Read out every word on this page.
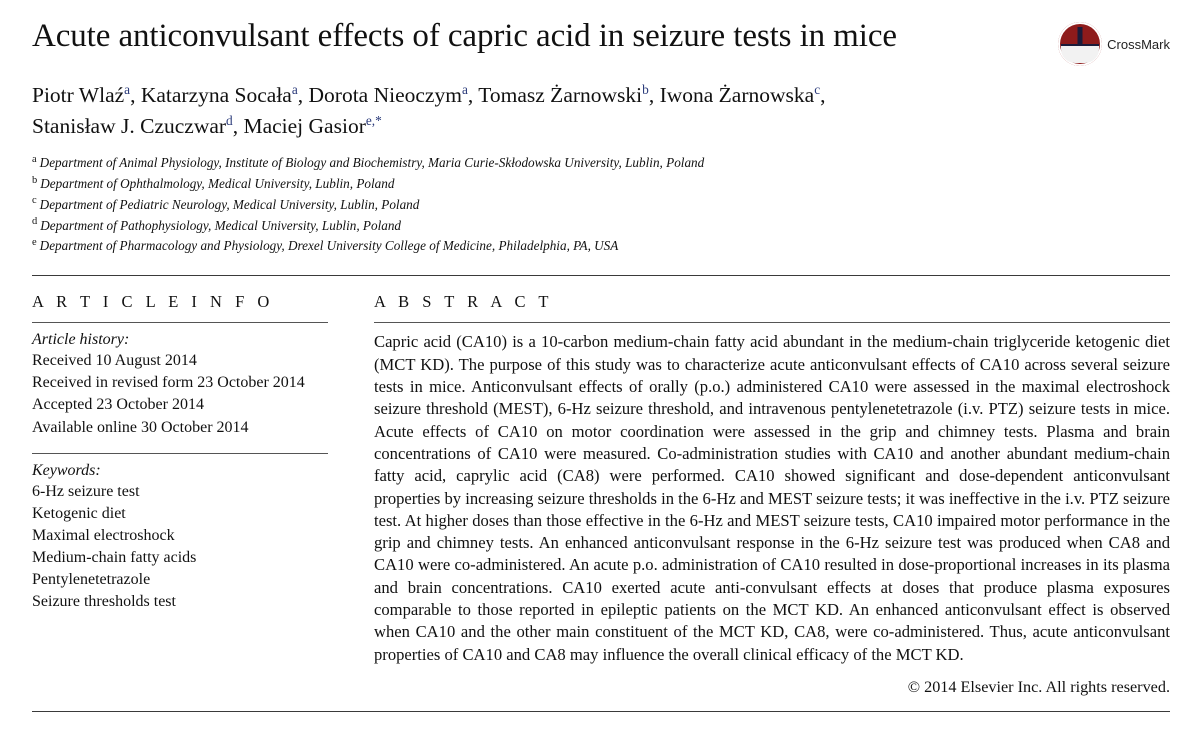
Acute anticonvulsant effects of capric acid in seizure tests in mice	CrossMark
Piotr Wlaź$^a$, Katarzyna Socała$^a$, Dorota Nieoczym$^a$, Tomasz Żarnowski$^b$, Iwona Żarnowska$^c$,
Stanisław J. Czuczwar$^d$, Maciej Gasior$^{e,*}$
$^a$ Department of Animal Physiology, Institute of Biology and Biochemistry, Maria Curie-Skłodowska University, Lublin, Poland
$^b$ Department of Ophthalmology, Medical University, Lublin, Poland
$^c$ Department of Pediatric Neurology, Medical University, Lublin, Poland
$^d$ Department of Pathophysiology, Medical University, Lublin, Poland
$^e$ Department of Pharmacology and Physiology, Drexel University College of Medicine, Philadelphia, PA, USA
A R T I C L E I N F O
Article history:
Received 10 August 2014
Received in revised form 23 October 2014
Accepted 23 October 2014
Available online 30 October 2014
Keywords:
6-Hz seizure test
Ketogenic diet
Maximal electroshock
Medium-chain fatty acids
Pentylenetetrazole
Seizure thresholds test
A B S T R A C T
Capric acid (CA10) is a 10-carbon medium-chain fatty acid abundant in the medium-chain triglyceride ketogenic diet (MCT KD). The purpose of this study was to characterize acute anticonvulsant effects of CA10 across several seizure tests in mice. Anticonvulsant effects of orally (p.o.) administered CA10 were assessed in the maximal electroshock seizure threshold (MEST), 6-Hz seizure threshold, and intravenous pentylenetetrazole (i.v. PTZ) seizure tests in mice. Acute effects of CA10 on motor coordination were assessed in the grip and chimney tests. Plasma and brain concentrations of CA10 were measured. Co-administration studies with CA10 and another abundant medium-chain fatty acid, caprylic acid (CA8) were performed. CA10 showed significant and dose-dependent anticonvulsant properties by increasing seizure thresholds in the 6-Hz and MEST seizure tests; it was ineffective in the i.v. PTZ seizure test. At higher doses than those effective in the 6-Hz and MEST seizure tests, CA10 impaired motor performance in the grip and chimney tests. An enhanced anticonvulsant response in the 6-Hz seizure test was produced when CA8 and CA10 were co-administered. An acute p.o. administration of CA10 resulted in dose-proportional increases in its plasma and brain concentrations. CA10 exerted acute anti-convulsant effects at doses that produce plasma exposures comparable to those reported in epileptic patients on the MCT KD. An enhanced anticonvulsant effect is observed when CA10 and the other main constituent of the MCT KD, CA8, were co-administered. Thus, acute anticonvulsant properties of CA10 and CA8 may influence the overall clinical efficacy of the MCT KD.
© 2014 Elsevier Inc. All rights reserved.
